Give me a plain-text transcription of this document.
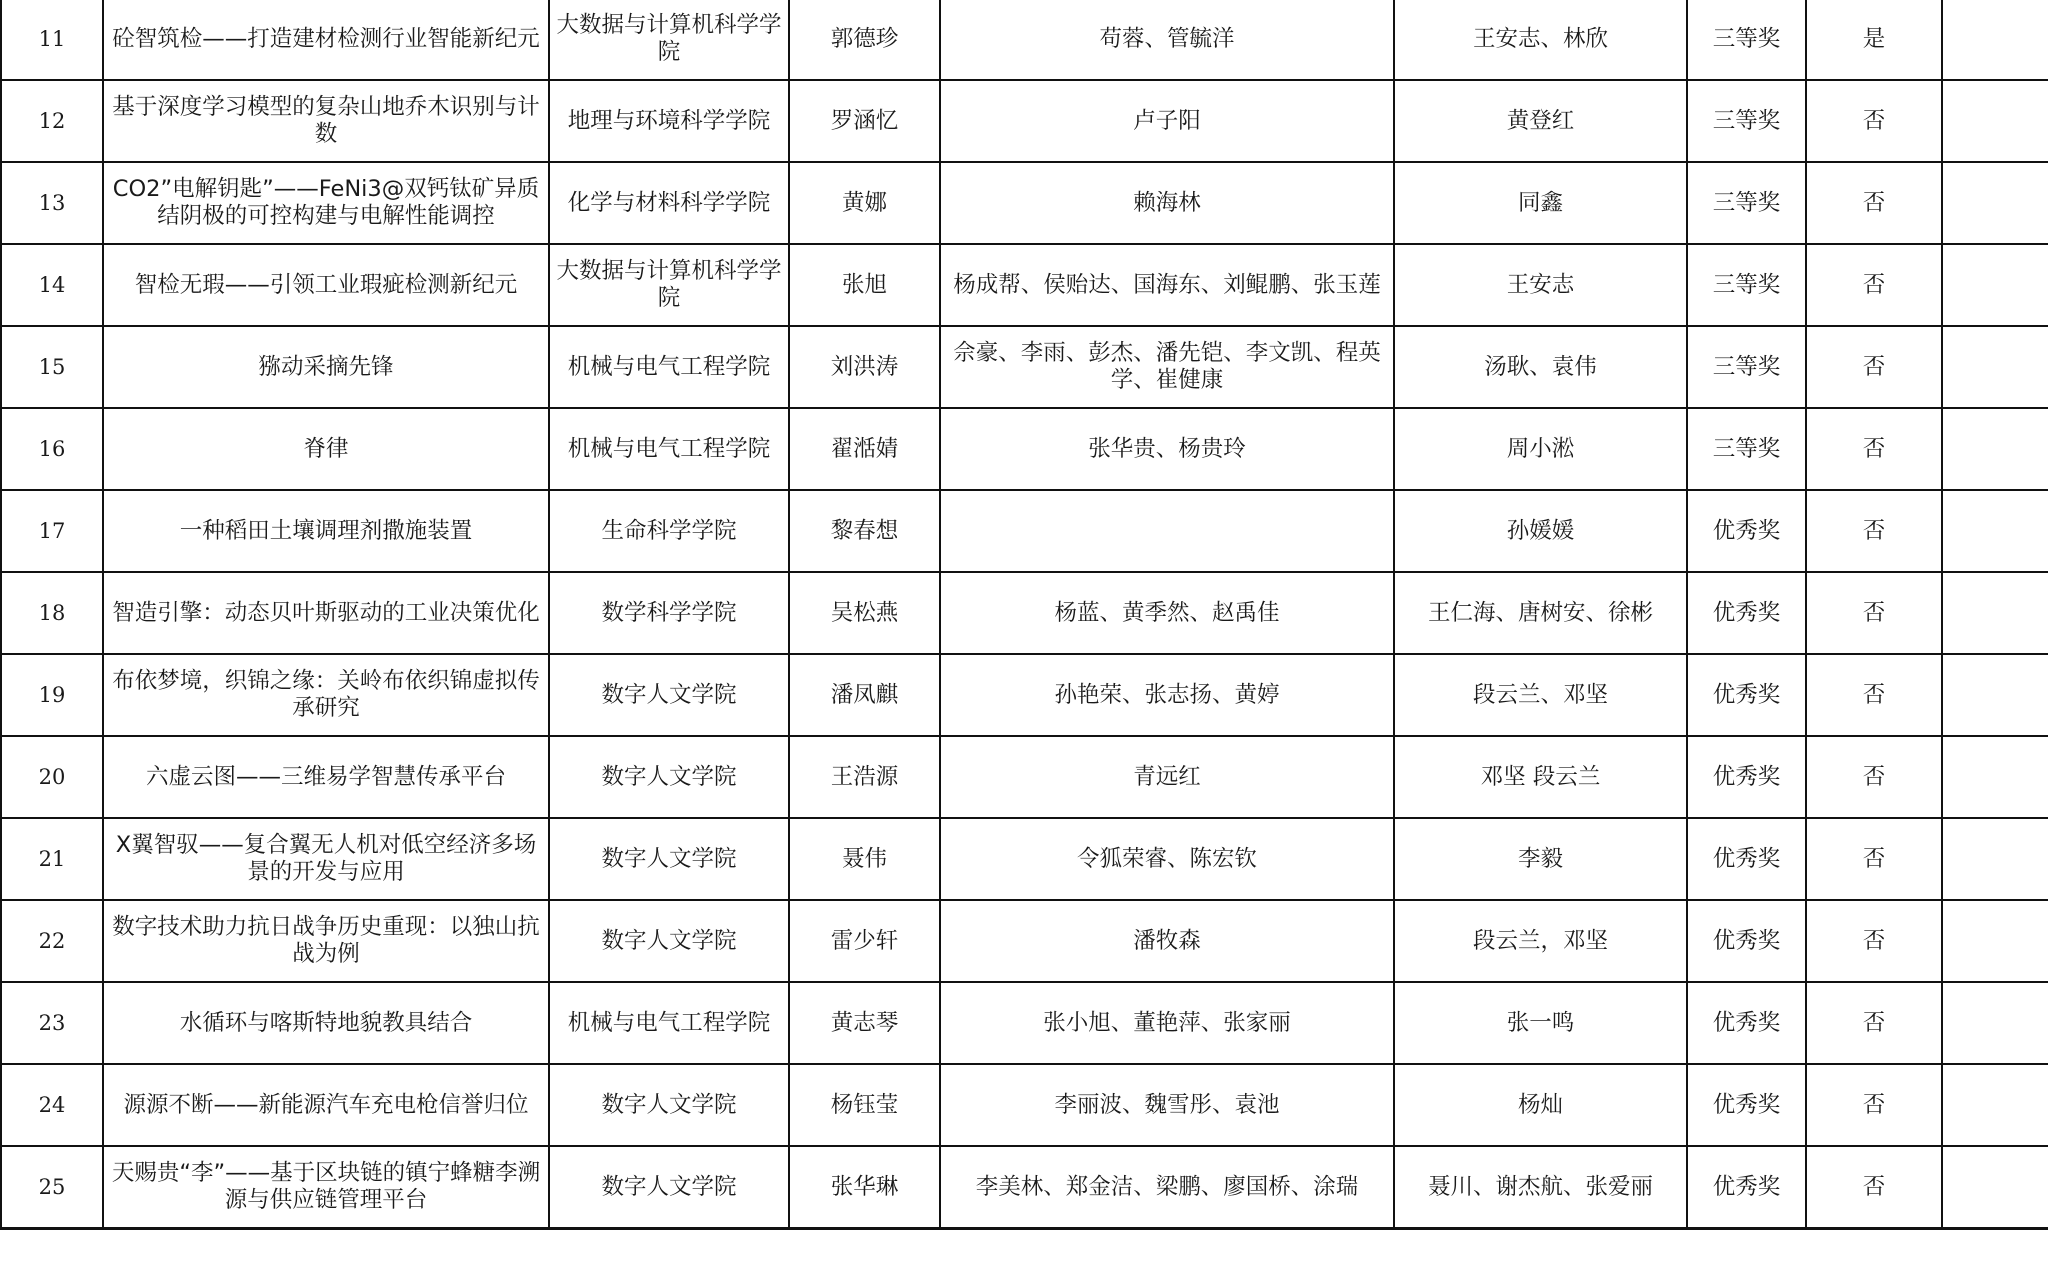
11	砼智筑检——打造建材检测行业智能新纪元	大数据与计算机科学学院	郭德珍	苟蓉、管毓洋	王安志、林欣	三等奖	是	
12	基于深度学习模型的复杂山地乔木识别与计数	地理与环境科学学院	罗涵忆	卢子阳	黄登红	三等奖	否	
13	CO2”电解钥匙”——FeNi3@双钙钛矿异质结阴极的可控构建与电解性能调控	化学与材料科学学院	黄娜	赖海林	同鑫	三等奖	否	
14	智检无瑕——引领工业瑕疵检测新纪元	大数据与计算机科学学院	张旭	杨成帮、侯贻达、国海东、刘鲲鹏、张玉莲	王安志	三等奖	否	
15	猕动采摘先锋	机械与电气工程学院	刘洪涛	佘豪、李雨、彭杰、潘先铠、李文凯、程英学、崔健康	汤耿、袁伟	三等奖	否	
16	脊律	机械与电气工程学院	翟湉婧	张华贵、杨贵玲	周小淞	三等奖	否	
17	一种稻田土壤调理剂撒施装置	生命科学学院	黎春想		孙媛媛	优秀奖	否	
18	智造引擎：动态贝叶斯驱动的工业决策优化	数学科学学院	吴松燕	杨蓝、黄季然、赵禹佳	王仁海、唐树安、徐彬	优秀奖	否	
19	布依梦境，织锦之缘：关岭布依织锦虚拟传承研究	数字人文学院	潘凤麒	孙艳荣、张志扬、黄婷	段云兰、邓坚	优秀奖	否	
20	六虚云图——三维易学智慧传承平台	数字人文学院	王浩源	青远红	邓坚 段云兰	优秀奖	否	
21	X翼智驭——复合翼无人机对低空经济多场景的开发与应用	数字人文学院	聂伟	令狐荣睿、陈宏钦	李毅	优秀奖	否	
22	数字技术助力抗日战争历史重现：以独山抗战为例	数字人文学院	雷少轩	潘牧森	段云兰，邓坚	优秀奖	否	
23	水循环与喀斯特地貌教具结合	机械与电气工程学院	黄志琴	张小旭、董艳萍、张家丽	张一鸣	优秀奖	否	
24	源源不断——新能源汽车充电枪信誉归位	数字人文学院	杨钰莹	李丽波、魏雪彤、袁池	杨灿	优秀奖	否	
25	天赐贵“李”——基于区块链的镇宁蜂糖李溯源与供应链管理平台	数字人文学院	张华琳	李美林、郑金洁、梁鹏、廖国桥、涂瑞	聂川、谢杰航、张爱丽	优秀奖	否	
